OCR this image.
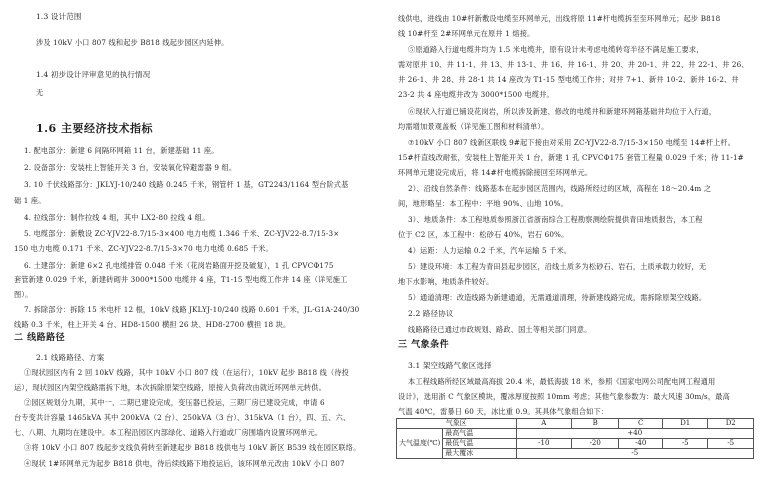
1.3 设计范围
涉及 10kV 小口 807 线和起步 B818 线起步园区内延伸。
1.4 初步设计评审意见的执行情况
无
1.6 主要经济技术指标
1. 配电部分：新建 6 间隔环网箱 11 台，新建基础 11 座。
2. 设备部分：安装柱上智能开关 3 台，安装氧化锌避雷器 9 组。
3. 10 千伏线路部分：JKLYJ-10/240 线路 0.245 千米，钢管杆 1 基，GT2243/1164 型台阶式基
础 1 座。
4. 拉线部分：制作拉线 4 组，其中 LX2-80 拉线 4 组。
5. 电缆部分：新敷设 ZC-YJV22-8.7/15-3×400 电力电缆 1.346 千米、ZC-YJV22-8.7/15-3×
150 电力电缆 0.171 千米、ZC-YJV22-8.7/15-3×70 电力电缆 0.685 千米。
6. 土建部分：新建 6×2 孔电缆排管 0.048 千米（花岗岩路面开挖及破复），1 孔 CPVCΦ175
套管新建 0.029 千米，新建砖砌井 3000*1500 电缆井 4 座，T1-15 型电缆工作井 14 座（详见施工
图）。
7. 拆除部分：拆除 15 米电杆 12 根，10kV 线路 JKLYJ-10/240 线路 0.601 千米，JL-G1A-240/30
线路 0.3 千米，柱上开关 4 台、HD8-1500 横担 26 块、HD8-2700 横担 18 块。
二 线路路径
2.1 线路路径、方案
①现状园区内有 2 回 10kV 线路，其中 10kV 小口 807 线（在运行），10kV 起步 B818 线（待投
运），现状园区内架空线路需拆下地，本次拆除原架空线路，原接入负荷改由就近环网单元转供。
②园区规划分九期，其中一、二期已建设完成，变压器已投运，三期厂房已建设完成，申请 6
台专变共计容量 1465kVA 其中 200kVA（2 台）、250kVA（3 台）、315kVA（1 台），四、五、六、
七、八期、九期均在建设中。本工程沿园区内部绿化、道路入行道或厂房围墙内设置环网单元。
③将 10kV 小口 807 线起步支线负荷转至新建起步 B818 线供电与 10kV 新区 B539 线在园区联络。
④现状 1#环网单元为起步 B818 供电，待后续线路下地投运后，该环网单元改由 10kV 小口 807
线供电，进线由 10#杆新敷设电缆至环网单元，出线将原 11#杆电缆拆至至环网单元；起步 B818
线 10#杆至 2#环网单元在原井 1 熔接。
⑤原道路入行道电缆井均为 1.5 米电缆井，原有设计未考虑电缆转弯半径不满足施工要求，
需对原井 10、井 11-1、井 13、井 13-1、井 16、井 16-1、井 20、井 20-1、井 22、井 22-1、井 26、
井 26-1、井 28、井 28-1 共 14 座改为 T1-15 型电缆工作井；对井 7+1、新井 10-2、新井 16-2、井
23-2 共 4 座电缆井改为 3000*1500 电缆井。
⑥现状入行道已铺设花岗岩，所以涉及新建、修改的电缆井和新建环网箱基础井均位于入行道，
均需增加景观盖板（详见施工图和材料清单）。
⑦10kV 小口 807 线新区联线 9#起下接由对采用 ZC-YJV22-8.7/15-3×150 电缆至 14#杆上杆。
15#杆直线改耐张，安装柱上智能开关 1 台，新建 1 孔 CPVCΦ175 套管工程量 0.029 千米；待 11-1#
环网单元建设完成后，将 14#杆电缆拆除接回至环网单元。
2）、沿线自然条件：线路基本在起步园区范围内，线路所经过的区域，高程在 18～20.4m 之
间，地形略呈：本工程中：平地 90%、山地 10%。
3）、地质条件：本工程地质参照浙江省浙南综合工程勘察测绘院提供青田地质报告，本工程
位于 C2 区，本工程中：松砂石 40%，岩石 60%。
4）运距：人力运输 0.2 千米，汽车运输 5 千米。
5）建设环境：本工程为青田县起步园区，沿线土质多为松砂石、岩石，土质承载力较好，无
地下水影响，地质条件较好。
5）通道清理：改造线路为新建通道，无需通道清理，待新建线路完成，需拆除原架空线路。
2.2 路径协议
线路路径已通过市政规划、路政、国土等相关部门同意。
三 气象条件
3.1 架空线路气象区选择
本工程线路所经区域最高海拔 20.4 米，最低海拔 18 米，参照《国家电网公司配电网工程通用
设计》，选用浙 C 气象区模块，覆冰厚度按照 10mm 考虑；其他气象参数为：最大风速 30m/s，最高
气温 40℃，雷暴日 60 天，冰比重 0.9。其具体气象组合如下：
气象区		A	B	C	D1	D2
大气温度(℃)	最高气温	+40				
	最低气温	-10	-20	-40	-5	-5
	最大覆冰	-5				
